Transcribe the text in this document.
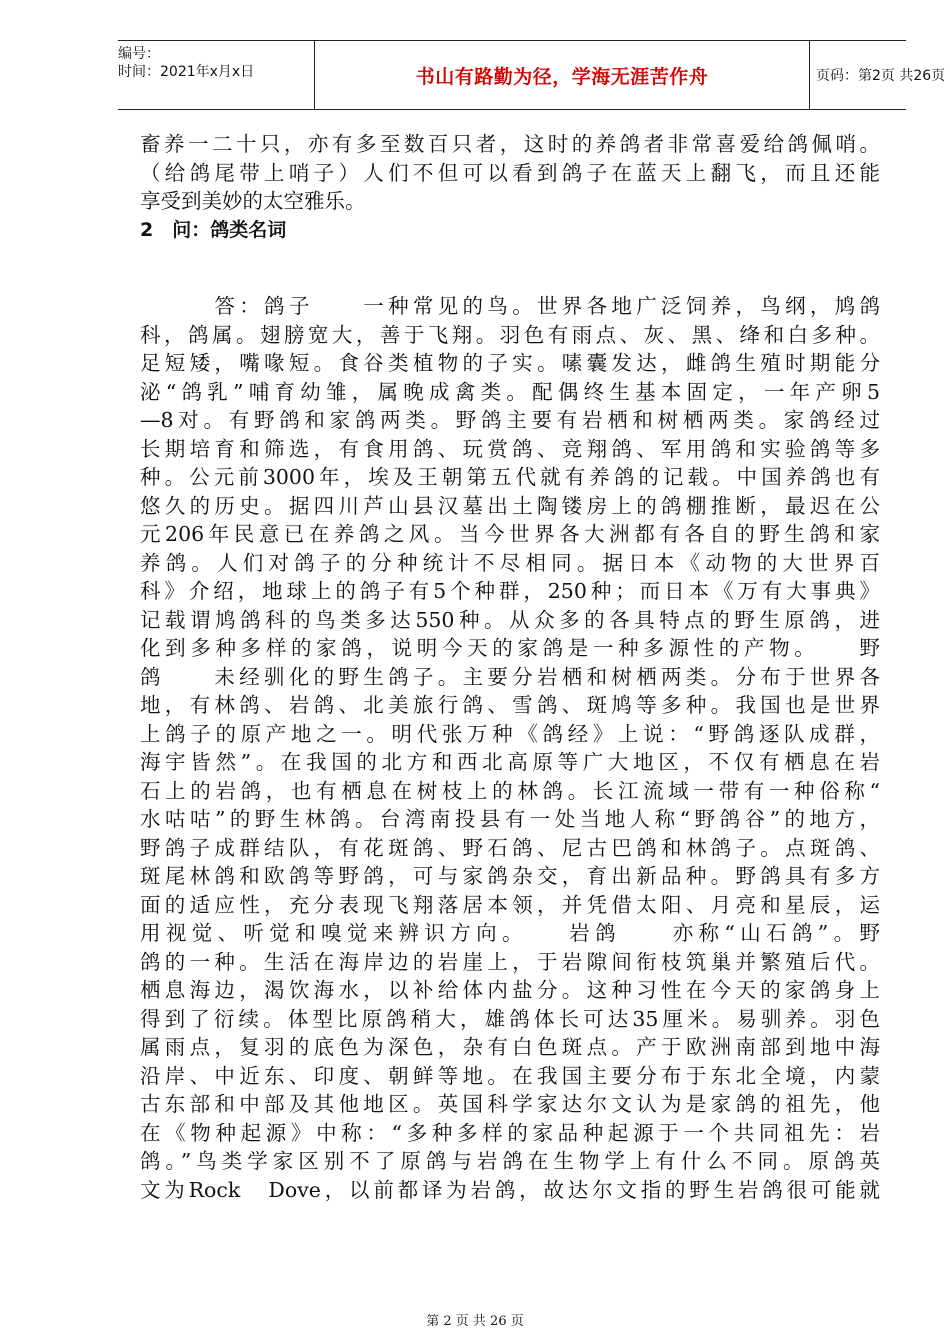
编号：
时间：2021年x月x日	书山有路勤为径，学海无涯苦作舟	页码：第2页 共26页
畜养一二十只，亦有多至数百只者，这时的养鸽者非常喜爱给鸽佩哨。
（给鸽尾带上哨子）人们不但可以看到鸽子在蓝天上翻飞，而且还能
享受到美妙的太空雅乐。
2　问：鸽类名词
　　　答：鸽子　　一种常见的鸟。世界各地广泛饲养，鸟纲，鸠鸽
科，鸽属。翅膀宽大，善于飞翔。羽色有雨点、灰、黑、绛和白多种。
足短矮，嘴喙短。食谷类植物的子实。嗉囊发达，雌鸽生殖时期能分
泌“鸽乳”哺育幼雏，属晚成禽类。配偶终生基本固定，一年产卵5
—8对。有野鸽和家鸽两类。野鸽主要有岩栖和树栖两类。家鸽经过
长期培育和筛选，有食用鸽、玩赏鸽、竞翔鸽、军用鸽和实验鸽等多
种。公元前3000年，埃及王朝第五代就有养鸽的记载。中国养鸽也有
悠久的历史。据四川芦山县汉墓出土陶镂房上的鸽棚推断，最迟在公
元206年民意已在养鸽之风。当今世界各大洲都有各自的野生鸽和家
养鸽。人们对鸽子的分种统计不尽相同。据日本《动物的大世界百
科》介绍，地球上的鸽子有5个种群，250种；而日本《万有大事典》
记载谓鸠鸽科的鸟类多达550种。从众多的各具特点的野生原鸽，进
化到多种多样的家鸽，说明今天的家鸽是一种多源性的产物。　　野
鸽　　未经驯化的野生鸽子。主要分岩栖和树栖两类。分布于世界各
地，有林鸽、岩鸽、北美旅行鸽、雪鸽、斑鸠等多种。我国也是世界
上鸽子的原产地之一。明代张万种《鸽经》上说：“野鸽逐队成群，
海宇皆然”。在我国的北方和西北高原等广大地区，不仅有栖息在岩
石上的岩鸽，也有栖息在树枝上的林鸽。长江流域一带有一种俗称“
水咕咕”的野生林鸽。台湾南投县有一处当地人称“野鸽谷”的地方，
野鸽子成群结队，有花斑鸽、野石鸽、尼古巴鸽和林鸽子。点斑鸽、
斑尾林鸽和欧鸽等野鸽，可与家鸽杂交，育出新品种。野鸽具有多方
面的适应性，充分表现飞翔落居本领，并凭借太阳、月亮和星辰，运
用视觉、听觉和嗅觉来辨识方向。　　岩鸽　　亦称“山石鸽”。野
鸽的一种。生活在海岸边的岩崖上，于岩隙间衔枝筑巢并繁殖后代。
栖息海边，渴饮海水，以补给体内盐分。这种习性在今天的家鸽身上
得到了衍续。体型比原鸽稍大，雄鸽体长可达35厘米。易驯养。羽色
属雨点，复羽的底色为深色，杂有白色斑点。产于欧洲南部到地中海
沿岸、中近东、印度、朝鲜等地。在我国主要分布于东北全境，内蒙
古东部和中部及其他地区。英国科学家达尔文认为是家鸽的祖先，他
在《物种起源》中称：“多种多样的家品种起源于一个共同祖先：岩
鸽。”鸟类学家区别不了原鸽与岩鸽在生物学上有什么不同。原鸽英
文为Rock　Dove，以前都译为岩鸽，故达尔文指的野生岩鸽很可能就
第 2 页 共 26 页
